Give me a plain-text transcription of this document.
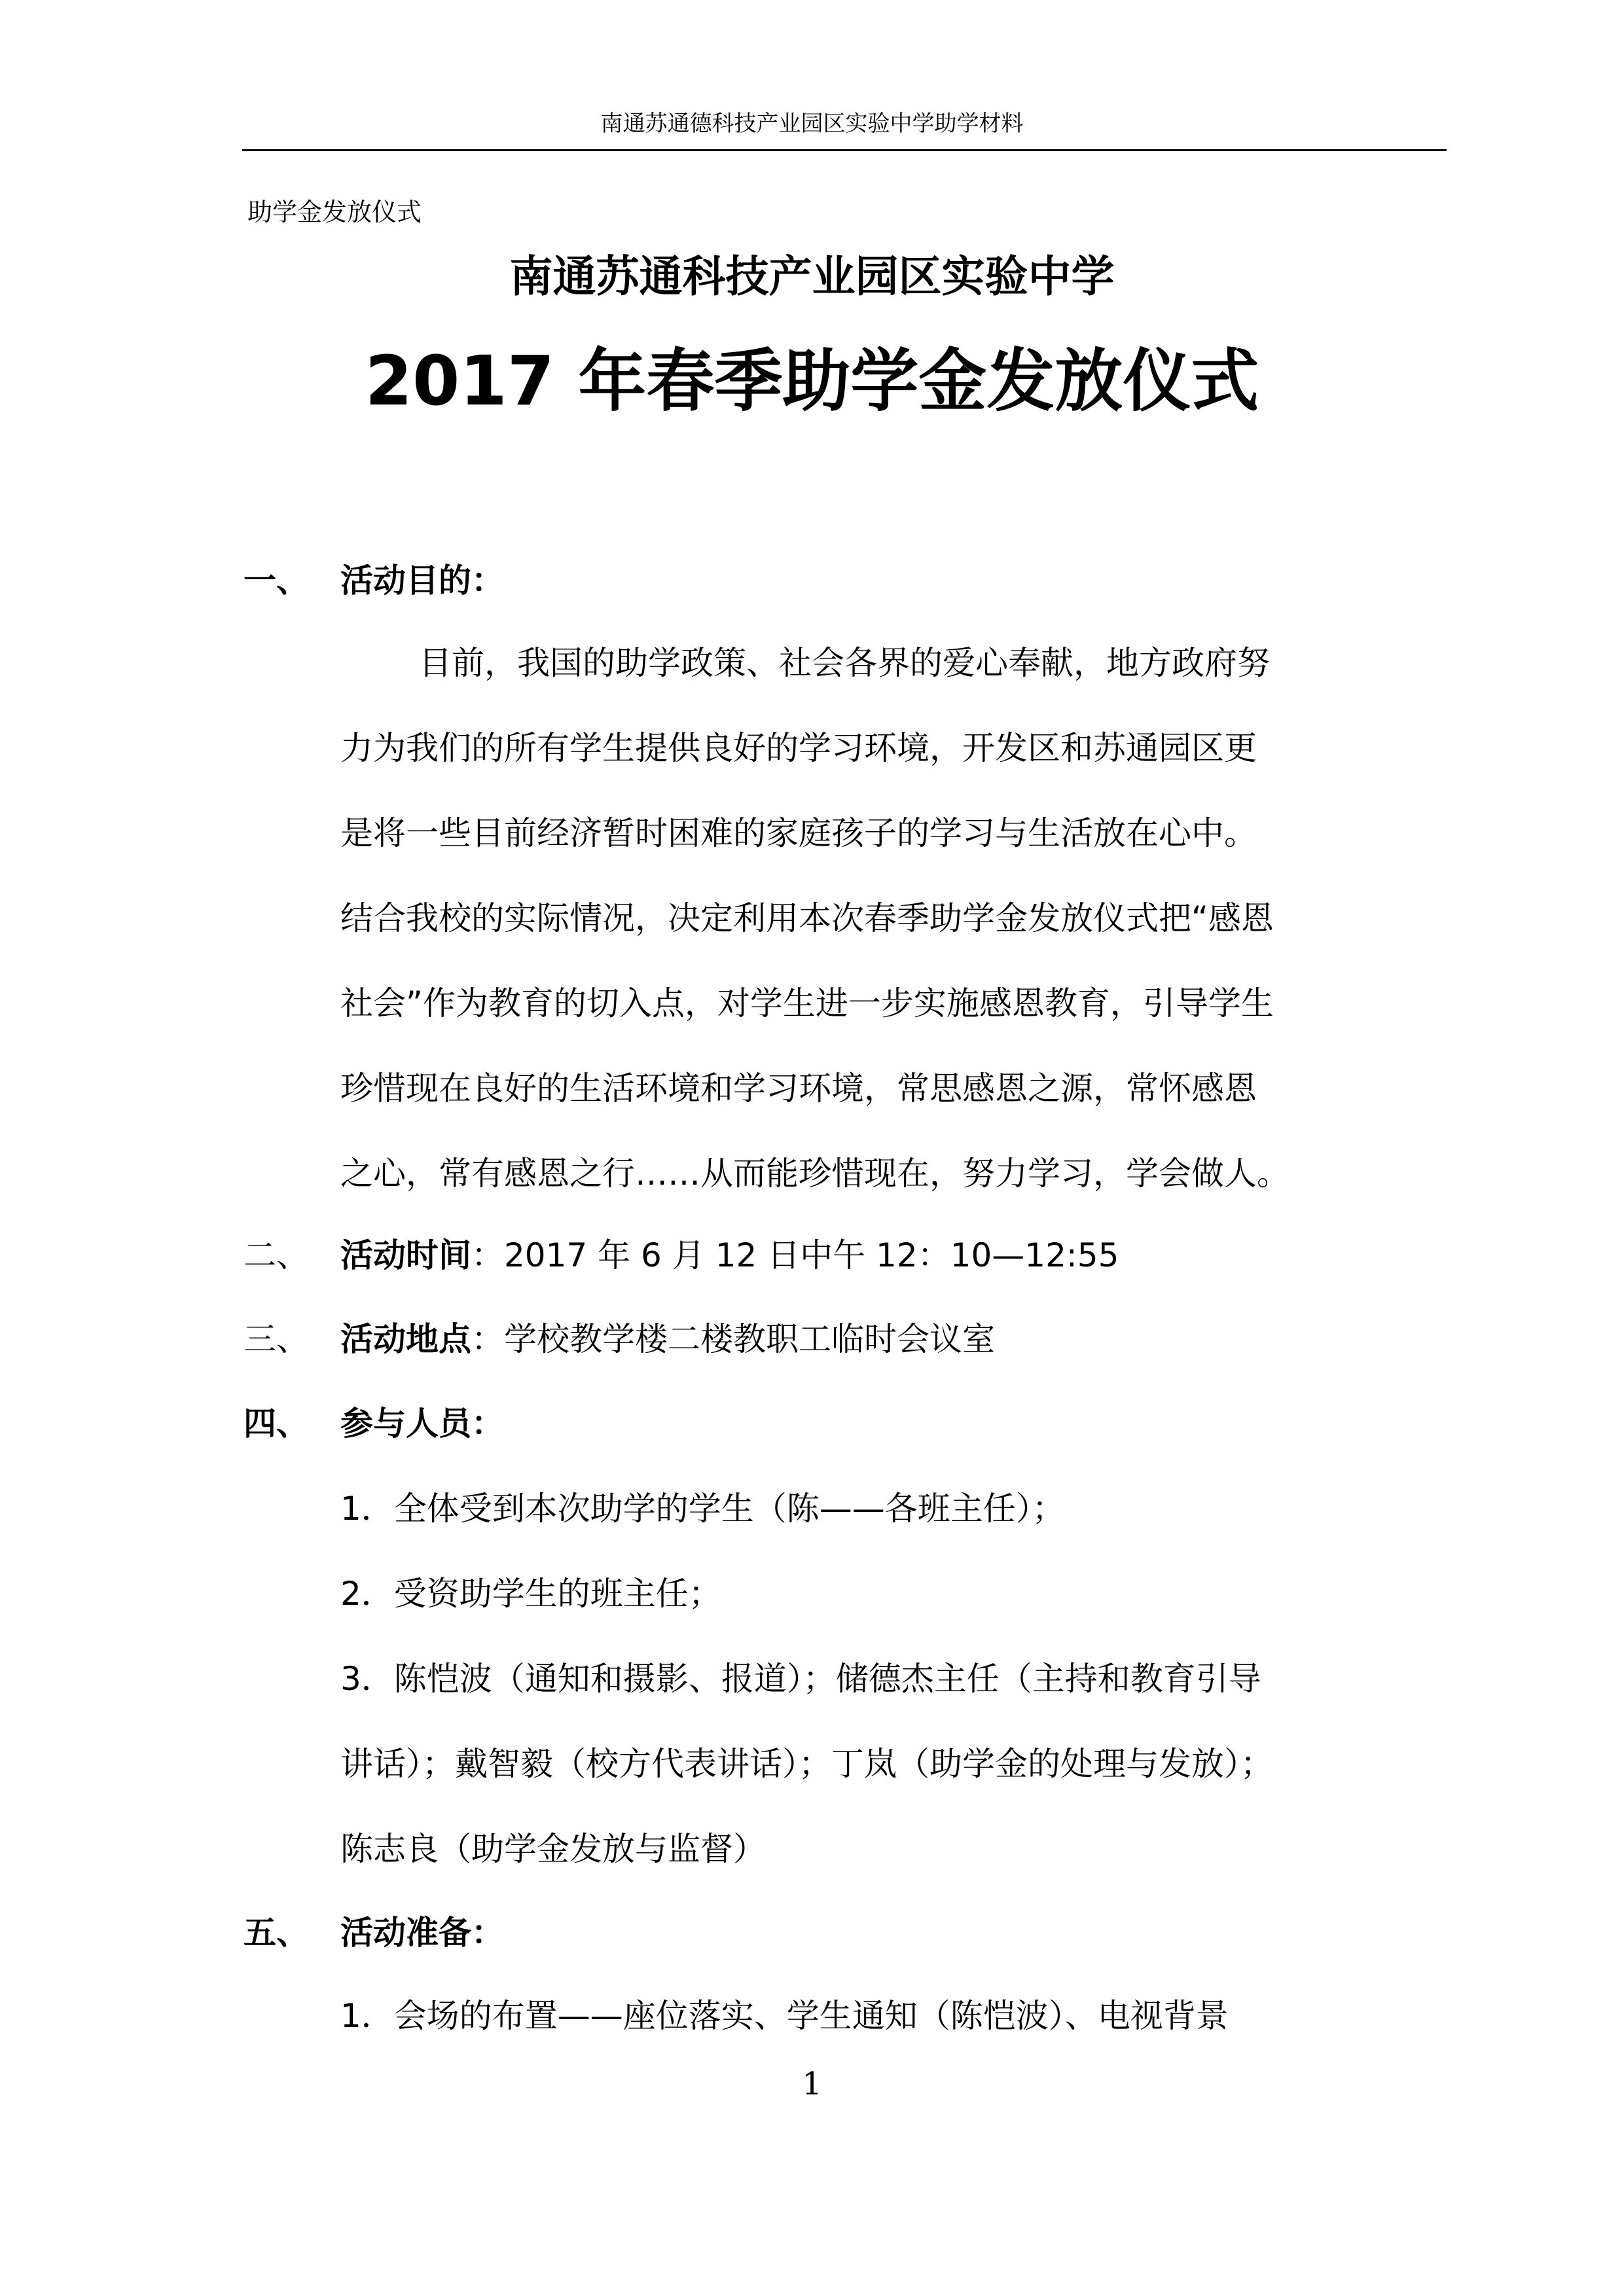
南通苏通德科技产业园区实验中学助学材料
助学金发放仪式
南通苏通科技产业园区实验中学
2017 年春季助学金发放仪式
一、 活动目的：
目前，我国的助学政策、社会各界的爱心奉献，地方政府努
力为我们的所有学生提供良好的学习环境，开发区和苏通园区更
是将一些目前经济暂时困难的家庭孩子的学习与生活放在心中。
结合我校的实际情况，决定利用本次春季助学金发放仪式把“感恩
社会”作为教育的切入点，对学生进一步实施感恩教育，引导学生
珍惜现在良好的生活环境和学习环境，常思感恩之源，常怀感恩
之心，常有感恩之行……从而能珍惜现在，努力学习，学会做人。
二、 活动时间：2017 年 6 月 12 日中午 12：10—12:55
三、 活动地点：学校教学楼二楼教职工临时会议室
四、 参与人员：
1．全体受到本次助学的学生（陈——各班主任）；
2．受资助学生的班主任；
3．陈恺波（通知和摄影、报道）；储德杰主任（主持和教育引导
讲话）；戴智毅（校方代表讲话）；丁岚（助学金的处理与发放）；
陈志良（助学金发放与监督）
五、 活动准备：
1．会场的布置——座位落实、学生通知（陈恺波）、电视背景
1
